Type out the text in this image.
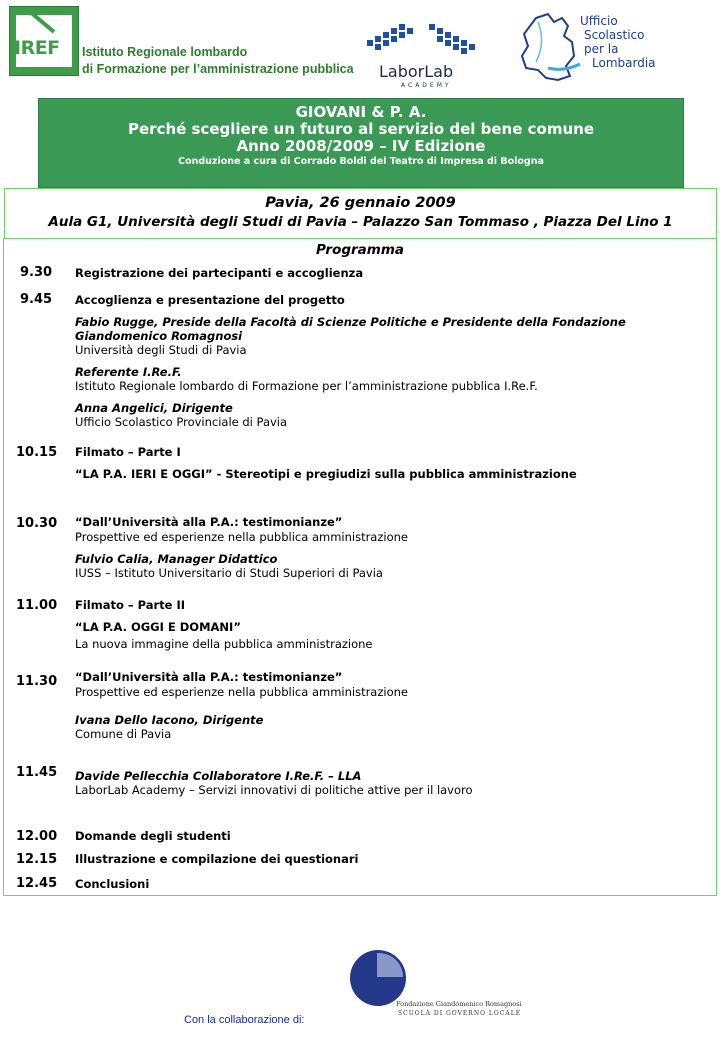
IREF Istituto Regionale lombardo
di Formazione per l’amministrazione pubblica LaborLab
ACADEMY
Ufficio
Scolastico
per la
Lombardia
GIOVANI & P. A.
Perché scegliere un futuro al servizio del bene comune
Anno 2008/2009 – IV Edizione
Conduzione a cura di Corrado Boldi del Teatro di Impresa di Bologna
Pavia, 26 gennaio 2009
Aula G1, Università degli Studi di Pavia – Palazzo San Tommaso , Piazza Del Lino 1
Programma
9.30 Registrazione dei partecipanti e accoglienza
9.45 Accoglienza e presentazione del progetto
Fabio Rugge, Preside della Facoltà di Scienze Politiche e Presidente della Fondazione
Giandomenico Romagnosi
Università degli Studi di Pavia
Referente I.Re.F.
Istituto Regionale lombardo di Formazione per l’amministrazione pubblica I.Re.F.
Anna Angelici, Dirigente
Ufficio Scolastico Provinciale di Pavia
10.15 Filmato – Parte I
“LA P.A. IERI E OGGI” - Stereotipi e pregiudizi sulla pubblica amministrazione
10.30 “Dall’Università alla P.A.: testimonianze”
Prospettive ed esperienze nella pubblica amministrazione
Fulvio Calia, Manager Didattico
IUSS – Istituto Universitario di Studi Superiori di Pavia
11.00 Filmato – Parte II
“LA P.A. OGGI E DOMANI”
La nuova immagine della pubblica amministrazione
11.30 “Dall’Università alla P.A.: testimonianze”
Prospettive ed esperienze nella pubblica amministrazione
Ivana Dello Iacono, Dirigente
Comune di Pavia
11.45 Davide Pellecchia Collaboratore I.Re.F. – LLA
LaborLab Academy – Servizi innovativi di politiche attive per il lavoro
12.00 Domande degli studenti
12.15 Illustrazione e compilazione dei questionari
12.45 Conclusioni
Fondazione Giandomenico Romagnosi
SCUOLA DI GOVERNO LOCALE
Con la collaborazione di:
